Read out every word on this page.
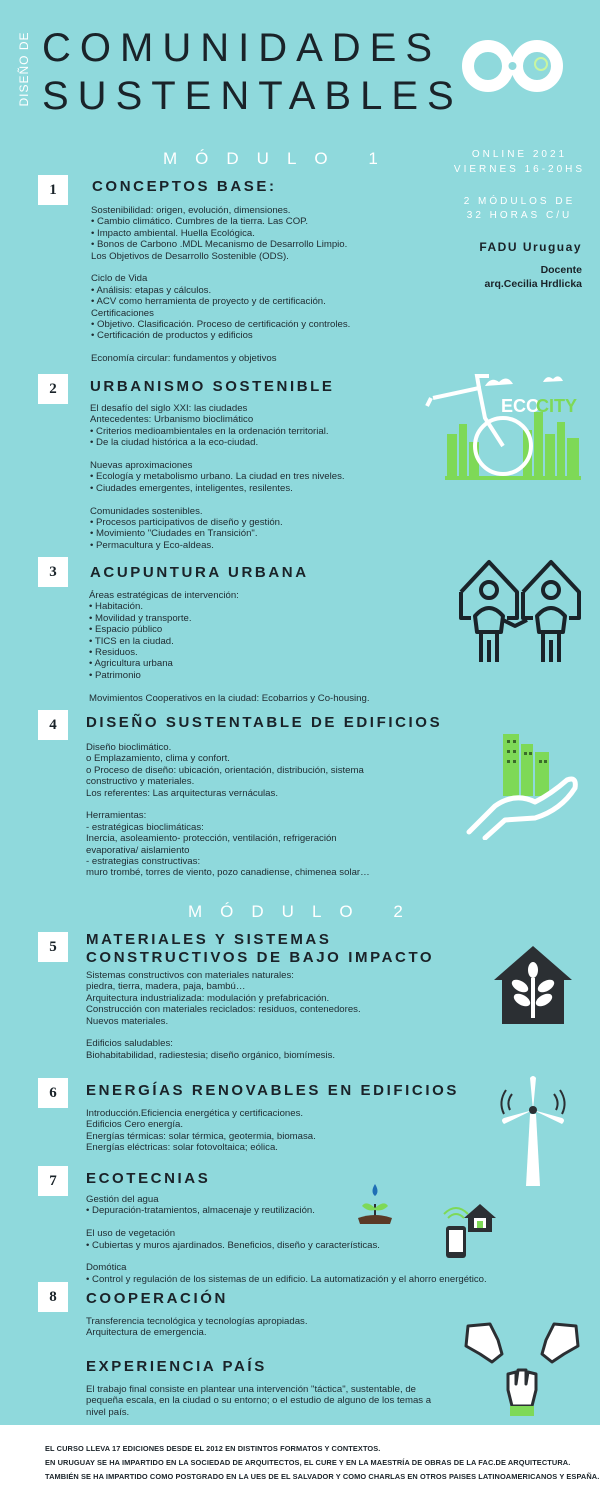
DISEÑO DE COMUNIDADES
SUSTENTABLES
MÓDULO 1	ONLINE 2021
VIERNES 16-20HS
2 MÓDULOS DE
32 HORAS C/U
FADU Uruguay
Docente
arq.Cecilia Hrdlicka
1	CONCEPTOS BASE:
Sostenibilidad: origen, evolución, dimensiones.
• Cambio climático. Cumbres de la tierra. Las COP.
• Impacto ambiental. Huella Ecológica.
• Bonos de Carbono .MDL Mecanismo de Desarrollo Limpio.
Los Objetivos de Desarrollo Sostenible (ODS).

Ciclo de Vida
• Análisis: etapas y cálculos.
• ACV como herramienta de proyecto y de certificación.
Certificaciones
• Objetivo. Clasificación. Proceso de certificación y controles.
• Certificación de productos y edificios

Economía circular: fundamentos y objetivos
2	URBANISMO SOSTENIBLE
El desafío del siglo XXI: las ciudades
Antecedentes: Urbanismo bioclimático
• Criterios medioambientales en la ordenación territorial.
• De la ciudad histórica a la eco-ciudad.

Nuevas aproximaciones
• Ecología y metabolismo urbano. La ciudad en tres niveles.
• Ciudades emergentes, inteligentes, resilentes.

Comunidades sostenibles.
• Procesos participativos de diseño y gestión.
• Movimiento "Ciudades en Transición".
• Permacultura y Eco-aldeas.
ECO
CITY
3	ACUPUNTURA URBANA
Áreas estratégicas de intervención:
• Habitación.
• Movilidad y transporte.
• Espacio público
• TICS en la ciudad.
• Residuos.
• Agricultura urbana
• Patrimonio

Movimientos Cooperativos en la ciudad: Ecobarrios y Co-housing.
4	DISEÑO SUSTENTABLE DE EDIFICIOS
Diseño bioclimático.
o Emplazamiento, clima y confort.
o Proceso de diseño: ubicación, orientación, distribución, sistema
constructivo y materiales.
Los referentes: Las arquitecturas vernáculas.

Herramientas:
- estratégicas bioclimáticas:
Inercia, asoleamiento- protección, ventilación, refrigeración
evaporativa/ aislamiento
- estrategias constructivas:
muro trombé, torres de viento, pozo canadiense, chimenea solar…
MÓDULO 2
5	MATERIALES Y SISTEMAS CONSTRUCTIVOS DE BAJO IMPACTO
Sistemas constructivos con materiales naturales:
piedra, tierra, madera, paja, bambú…
Arquitectura industrializada: modulación y prefabricación.
Construcción con materiales reciclados: residuos, contenedores.
Nuevos materiales.

Edificios saludables:
Biohabitabilidad, radiestesia; diseño orgánico, biomímesis.
6	ENERGÍAS RENOVABLES EN EDIFICIOS
Introducción.Eficiencia energética y certificaciones.
Edificios Cero energía.
Energías térmicas: solar térmica, geotermia, biomasa.
Energías eléctricas: solar fotovoltaica; eólica.
7	ECOTECNIAS
Gestión del agua
• Depuración-tratamientos, almacenaje y reutilización.

El uso de vegetación
• Cubiertas y muros ajardinados. Beneficios, diseño y características.

Domótica
• Control y regulación de los sistemas de un edificio. La automatización y el ahorro energético.
8	COOPERACIÓN
Transferencia tecnológica y tecnologías apropiadas.
Arquitectura de emergencia.
EXPERIENCIA PAÍS
El trabajo final consiste en plantear una intervención "táctica", sustentable, de
pequeña escala, en la ciudad o su entorno; o el estudio de alguno de los temas a
nivel país.
EL CURSO LLEVA 17 EDICIONES DESDE EL 2012 EN DISTINTOS FORMATOS Y CONTEXTOS.
EN URUGUAY SE HA IMPARTIDO EN LA SOCIEDAD DE ARQUITECTOS, EL CURE Y EN LA MAESTRÍA DE OBRAS DE LA FAC.DE ARQUITECTURA.
TAMBIÉN SE HA IMPARTIDO COMO POSTGRADO EN LA UES DE EL SALVADOR Y COMO CHARLAS EN OTROS PAISES LATINOAMERICANOS Y ESPAÑA.
